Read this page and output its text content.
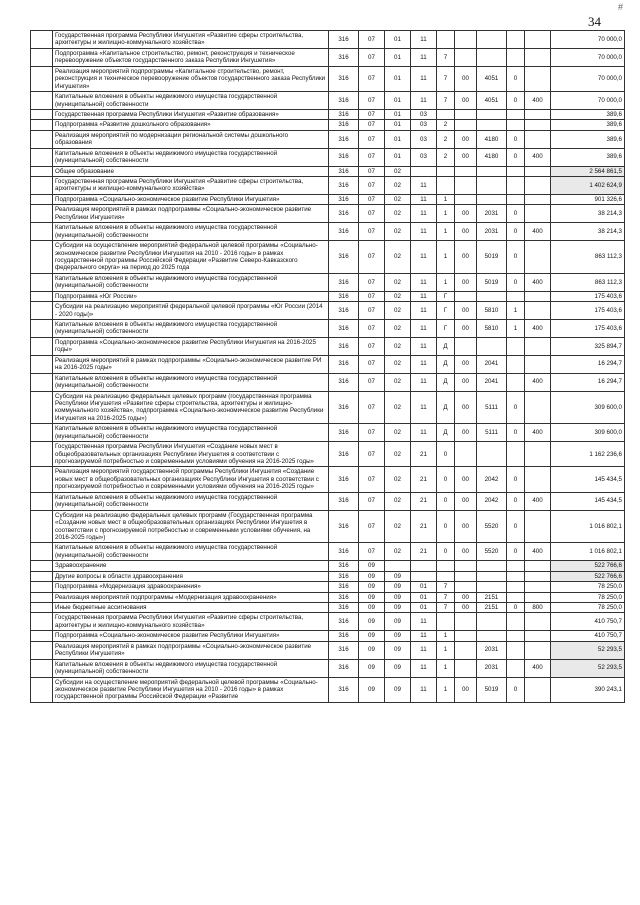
#
34
	Государственная программа Республики Ингушетия «Развитие сферы строительства, архитектуры и жилищно-коммунального хозяйства»	316	07	01	11						70 000,0
	Подпрограмма «Капитальное строительство, ремонт, реконструкция и техническое перевооружение объектов государственного заказа Республики Ингушетия»	316	07	01	11	7					70 000,0
	Реализация мероприятий подпрограммы «Капитальное строительство, ремонт, реконструкция и техническое перевооружение объектов государственного заказа Республики Ингушетия»	316	07	01	11	7	00	4051	0		70 000,0
	Капитальные вложения в объекты недвижимого имущества государственной (муниципальной) собственности	316	07	01	11	7	00	4051	0	400	70 000,0
	Государственная программа Республики Ингушетия «Развитие образования»	316	07	01	03						389,6
	Подпрограмма «Развитие дошкольного образования»	316	07	01	03	2					389,6
	Реализация мероприятий по модернизации региональной системы дошкольного образования	316	07	01	03	2	00	4180	0		389,6
	Капитальные вложения в объекты недвижимого имущества государственной (муниципальной) собственности	316	07	01	03	2	00	4180	0	400	389,6
	Общее образование	316	07	02							2 564 861,5
	Государственная программа Республики Ингушетия «Развитие сферы строительства, архитектуры и жилищно-коммунального хозяйства»	316	07	02	11						1 402 624,9
	Подпрограмма «Социально-экономическое развитие Республики Ингушетия»	316	07	02	11	1					901 326,6
	Реализация мероприятий в рамках подпрограммы «Социально-экономическое развитие Республики Ингушетия»	316	07	02	11	1	00	2031	0		38 214,3
	Капитальные вложения в объекты недвижимого имущества государственной (муниципальной) собственности	316	07	02	11	1	00	2031	0	400	38 214,3
	Субсидии на осуществление мероприятий федеральной целевой программы «Социально-экономическое развитие Республики Ингушетия на 2010 - 2016 годы» в рамках государственной программы Российской Федерации «Развитие Северо-Кавказского федерального округа» на период до 2025 года	316	07	02	11	1	00	5019	0		863 112,3
	Капитальные вложения в объекты недвижимого имущества государственной (муниципальной) собственности	316	07	02	11	1	00	5019	0	400	863 112,3
	Подпрограмма «Юг России»	316	07	02	11	Г					175 403,6
	Субсидии на реализацию мероприятий федеральной целевой программы «Юг России (2014 - 2020 годы)»	316	07	02	11	Г	00	5810	1		175 403,6
	Капитальные вложения в объекты недвижимого имущества государственной (муниципальной) собственности	316	07	02	11	Г	00	5810	1	400	175 403,6
	Подпрограмма «Социально-экономическое развитие Республики Ингушетия на 2016-2025 годы»	316	07	02	11	Д					325 894,7
	Реализация мероприятий в рамках подпрограммы «Социально-экономическое развитие РИ на 2016-2025 годы»	316	07	02	11	Д	00	2041			16 294,7
	Капитальные вложения в объекты недвижимого имущества государственной (муниципальной) собственности	316	07	02	11	Д	00	2041		400	16 294,7
	Субсидии на реализацию федеральных целевых программ (государственная программа Республики Ингушетия «Развитие сферы строительства, архитектуры и жилищно-коммунального хозяйства», подпрограмма «Социально-экономическое развитие Республики Ингушетия на 2016-2025 годы»)	316	07	02	11	Д	00	5111	0		309 600,0
	Капитальные вложения в объекты недвижимого имущества государственной (муниципальной) собственности	316	07	02	11	Д	00	5111	0	400	309 600,0
	Государственная программа Республики Ингушетия «Создание новых мест в общеобразовательных организациях Республики Ингушетия в соответствии с прогнозируемой потребностью и современными условиями обучения на 2016-2025 годы»	316	07	02	21	0					1 162 236,6
	Реализация мероприятий государственной программы Республики Ингушетия «Создание новых мест в общеобразовательных организациях Республики Ингушетия в соответствии с прогнозируемой потребностью и современными условиями обучения на 2016-2025 годы»	316	07	02	21	0	00	2042	0		145 434,5
	Капитальные вложения в объекты недвижимого имущества государственной (муниципальной) собственности	316	07	02	21	0	00	2042	0	400	145 434,5
	Субсидии на реализацию федеральных целевых программ (Государственная программа «Создание новых мест в общеобразовательных организациях Республики Ингушетия в соответствии с прогнозируемой потребностью и современными условиями обучения, на 2016-2025 годы»)	316	07	02	21	0	00	5520	0		1 016 802,1
	Капитальные вложения в объекты недвижимого имущества государственной (муниципальной) собственности	316	07	02	21	0	00	5520	0	400	1 016 802,1
	Здравоохранение	316	09								522 766,6
	Другие вопросы в области здравоохранения	316	09	09							522 766,6
	Подпрограмма «Модернизация здравоохранения»	316	09	09	01	7					78 250,0
	Реализация мероприятий подпрограммы «Модернизация здравоохранения»	316	09	09	01	7	00	2151			78 250,0
	Иные бюджетные ассигнования	316	09	09	01	7	00	2151	0	800	78 250,0
	Государственная программа Республики Ингушетия «Развитие сферы строительства, архитектуры и жилищно-коммунального хозяйства»	316	09	09	11						410 750,7
	Подпрограмма «Социально-экономическое развитие Республики Ингушетия»	316	09	09	11	1					410 750,7
	Реализация мероприятий в рамках подпрограммы «Социально-экономическое развитие Республики Ингушетия»	316	09	09	11	1		2031			52 293,5
	Капитальные вложения в объекты недвижимого имущества государственной (муниципальной) собственности	316	09	09	11	1		2031		400	52 293,5
	Субсидии на осуществление мероприятий федеральной целевой программы «Социально-экономическое развитие Республики Ингушетия на 2010 - 2016 годы» в рамках государственной программы Российской Федерации «Развитие	316	09	09	11	1	00	5019	0		390 243,1
